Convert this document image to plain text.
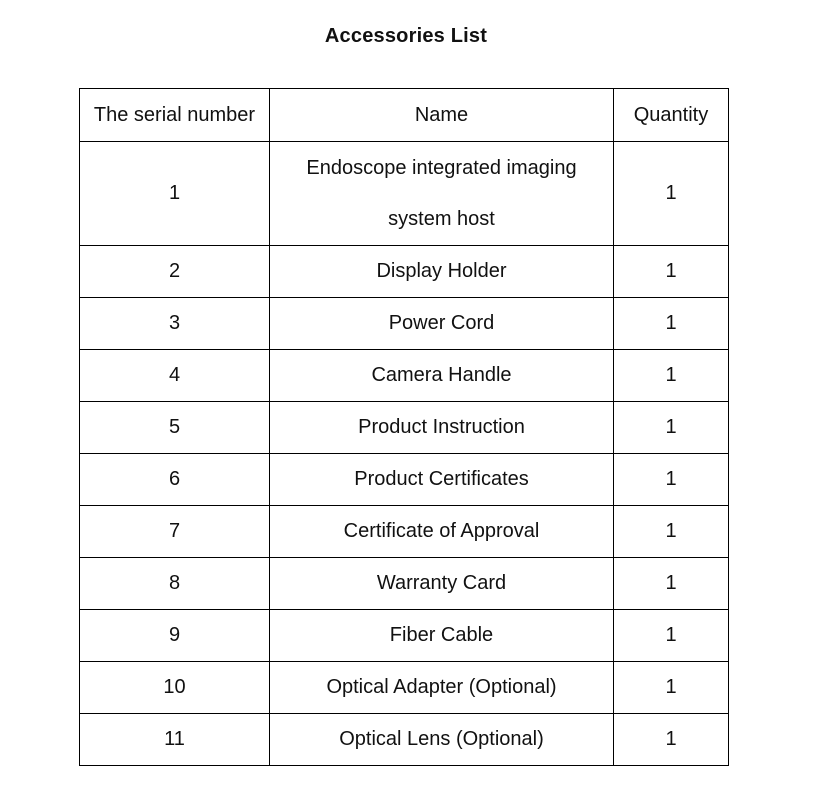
Accessories List
The serial number	Name	Quantity
1	Endoscope integrated imaging system host	1
2	Display Holder	1
3	Power Cord	1
4	Camera Handle	1
5	Product Instruction	1
6	Product Certificates	1
7	Certificate of Approval	1
8	Warranty Card	1
9	Fiber Cable	1
10	Optical Adapter (Optional)	1
11	Optical Lens (Optional)	1
